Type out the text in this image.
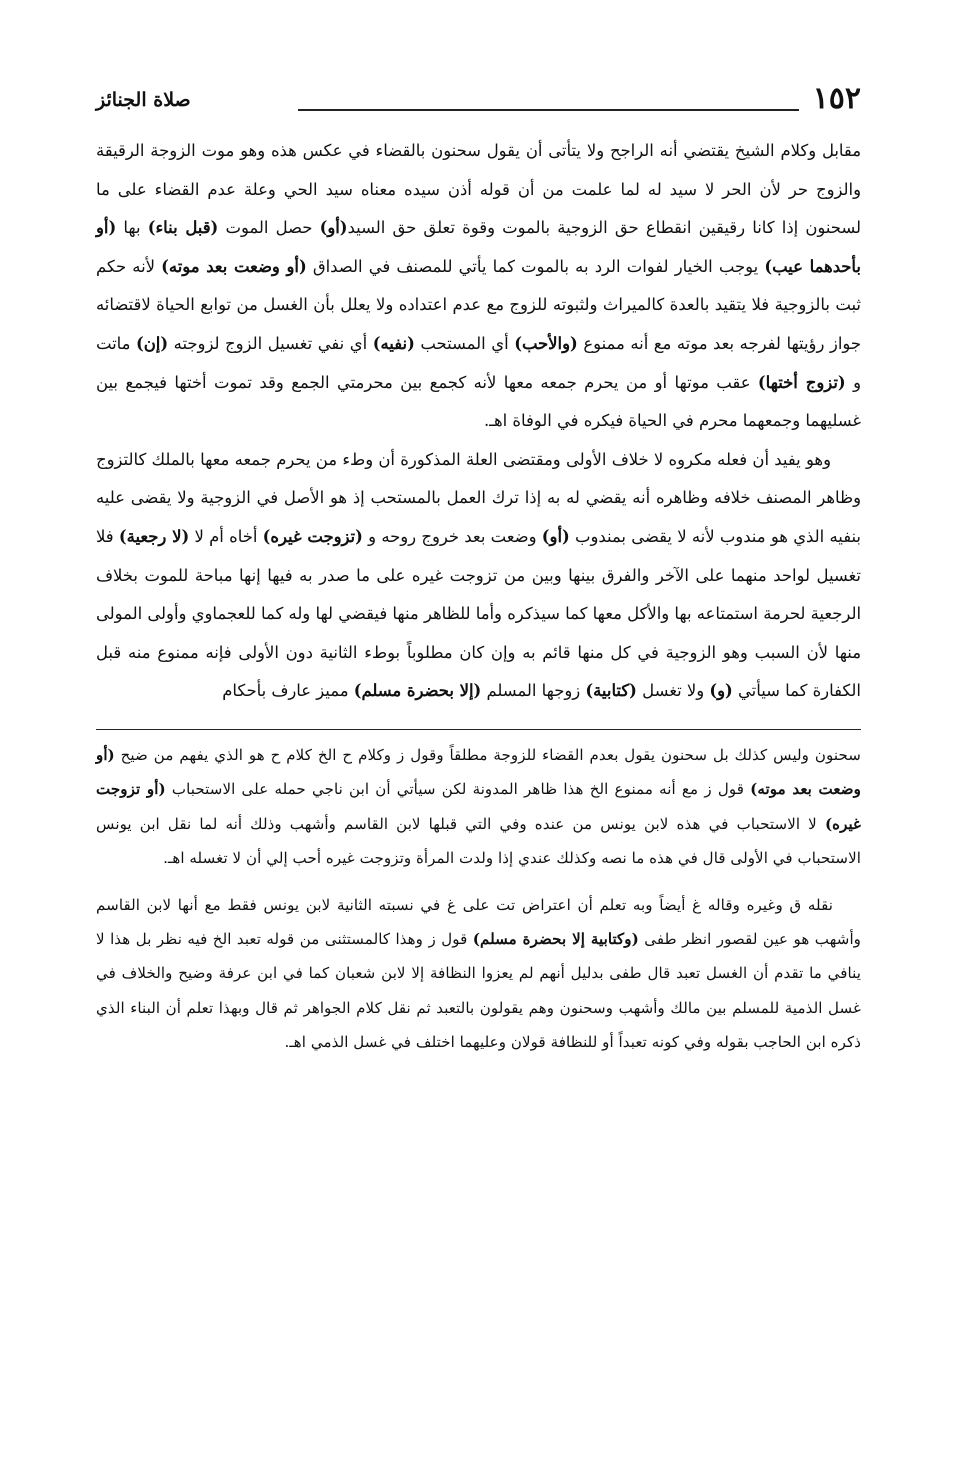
١٥٢
صلاة الجنائز

مقابل وكلام الشيخ يقتضي أنه الراجح ولا يتأتى أن يقول سحنون بالقضاء في عكس هذه وهو موت الزوجة الرقيقة والزوج حر لأن الحر لا سيد له لما علمت من أن قوله أذن سيده معناه سيد الحي وعلة عدم القضاء على ما لسحنون إذا كانا رقيقين انقطاع حق الزوجية بالموت وقوة تعلق حق السيد(أو) حصل الموت (قبل بناء) بها (أو بأحدهما عيب) يوجب الخيار لفوات الرد به بالموت كما يأتي للمصنف في الصداق (أو وضعت بعد موته) لأنه حكم ثبت بالزوجية فلا يتقيد بالعدة كالميراث ولثبوته للزوج مع عدم اعتداده ولا يعلل بأن الغسل من توابع الحياة لاقتضائه جواز رؤيتها لفرجه بعد موته مع أنه ممنوع (والأحب) أي المستحب (نفيه) أي نفي تغسيل الزوج لزوجته (إن) ماتت و (تزوج أختها) عقب موتها أو من يحرم جمعه معها لأنه كجمع بين محرمتي الجمع وقد تموت أختها فيجمع بين غسليهما وجمعهما محرم في الحياة فيكره في الوفاة اهـ.

وهو يفيد أن فعله مكروه لا خلاف الأولى ومقتضى العلة المذكورة أن وطء من يحرم جمعه معها بالملك كالتزوج وظاهر المصنف خلافه وظاهره أنه يقضي له به إذا ترك العمل بالمستحب إذ هو الأصل في الزوجية ولا يقضى عليه بنفيه الذي هو مندوب لأنه لا يقضى بمندوب (أو) وضعت بعد خروج روحه و (تزوجت غيره) أخاه أم لا (لا رجعية) فلا تغسيل لواحد منهما على الآخر والفرق بينها وبين من تزوجت غيره على ما صدر به فيها إنها مباحة للموت بخلاف الرجعية لحرمة استمتاعه بها والأكل معها كما سيذكره وأما للظاهر منها فيقضي لها وله كما للعجماوي وأولى المولى منها لأن السبب وهو الزوجية في كل منها قائم به وإن كان مطلوباً بوطء الثانية دون الأولى فإنه ممنوع منه قبل الكفارة كما سيأتي (و) ولا تغسل (كتابية) زوجها المسلم (إلا بحضرة مسلم) مميز عارف بأحكام

سحنون وليس كذلك بل سحنون يقول بعدم القضاء للزوجة مطلقاً وقول ز وكلام ح الخ كلام ح هو الذي يفهم من ضيح (أو وضعت بعد موته) قول ز مع أنه ممنوع الخ هذا ظاهر المدونة لكن سيأتي أن ابن ناجي حمله على الاستحباب (أو تزوجت غيره) لا الاستحباب في هذه لابن يونس من عنده وفي التي قبلها لابن القاسم وأشهب وذلك أنه لما نقل ابن يونس الاستحباب في الأولى قال في هذه ما نصه وكذلك عندي إذا ولدت المرأة وتزوجت غيره أحب إلي أن لا تغسله اهـ.

نقله ق وغيره وقاله غ أيضاً وبه تعلم أن اعتراض تت على غ في نسبته الثانية لابن يونس فقط مع أنها لابن القاسم وأشهب هو عين لقصور انظر طفى (وكتابية إلا بحضرة مسلم) قول ز وهذا كالمستثنى من قوله تعبد الخ فيه نظر بل هذا لا ينافي ما تقدم أن الغسل تعبد قال طفى بدليل أنهم لم يعزوا النظافة إلا لابن شعبان كما في ابن عرفة وضيح والخلاف في غسل الذمية للمسلم بين مالك وأشهب وسحنون وهم يقولون بالتعبد ثم نقل كلام الجواهر ثم قال وبهذا تعلم أن البناء الذي ذكره ابن الحاجب بقوله وفي كونه تعبداً أو للنظافة قولان وعليهما اختلف في غسل الذمي اهـ.
